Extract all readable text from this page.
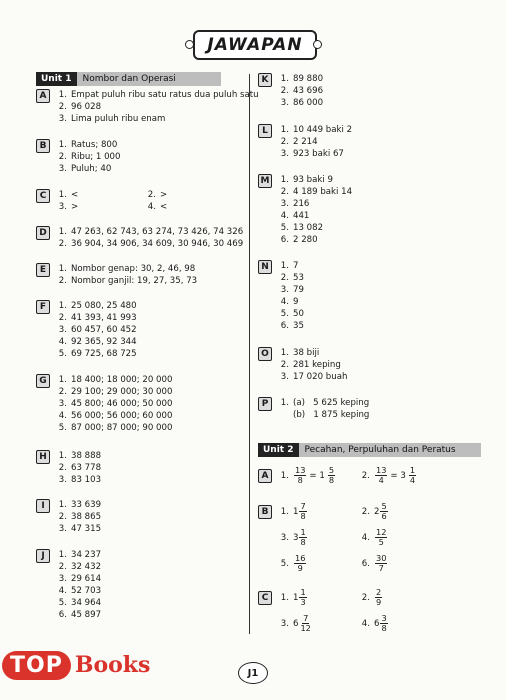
JAWAPAN
Unit 1	Nombor dan Operasi
A	1. Empat puluh ribu satu ratus dua puluh satu
2. 96 028
3. Lima puluh ribu enam
B	1. Ratus; 800
2. Ribu; 1 000
3. Puluh; 40
C	1. <	2. >
3. >	4. <
D	1. 47 263, 62 743, 63 274, 73 426, 74 326
2. 36 904, 34 906, 34 609, 30 946, 30 469
E	1. Nombor genap: 30, 2, 46, 98
2. Nombor ganjil: 19, 27, 35, 73
F	1. 25 080, 25 480
2. 41 393, 41 993
3. 60 457, 60 452
4. 92 365, 92 344
5. 69 725, 68 725
G	1. 18 400; 18 000; 20 000
2. 29 100; 29 000; 30 000
3. 45 800; 46 000; 50 000
4. 56 000; 56 000; 60 000
5. 87 000; 87 000; 90 000
H	1. 38 888
2. 63 778
3. 83 103
I	1. 33 639
2. 38 865
3. 47 315
J	1. 34 237
2. 32 432
3. 29 614
4. 52 703
5. 34 964
6. 45 897
K	1. 89 880
2. 43 696
3. 86 000
L	1. 10 449 baki 2
2. 2 214
3. 923 baki 67
M	1. 93 baki 9
2. 4 189 baki 14
3. 216
4. 441
5. 13 082
6. 2 280
N	1. 7
2. 53
3. 79
4. 9
5. 50
6. 35
O	1. 38 biji
2. 281 keping
3. 17 020 buah
P	1. (a)   5 625 keping
(b)   1 875 keping
Unit 2	Pecahan, Perpuluhan dan Peratus
A	1. $\frac{13}{8} = 1 \frac{5}{8}$	2. $\frac{13}{4} = 3 \frac{1}{4}$
B	1. $1 \frac{7}{8}$	2. $2 \frac{5}{6}$
3. $3 \frac{1}{8}$	4. $\frac{12}{5}$
5. $\frac{16}{9}$	6. $\frac{30}{7}$
C	1. $1 \frac{1}{3}$	2. $\frac{2}{9}$
3. $6 \frac{7}{12}$	4. $6 \frac{3}{8}$
J1
TOP Books
